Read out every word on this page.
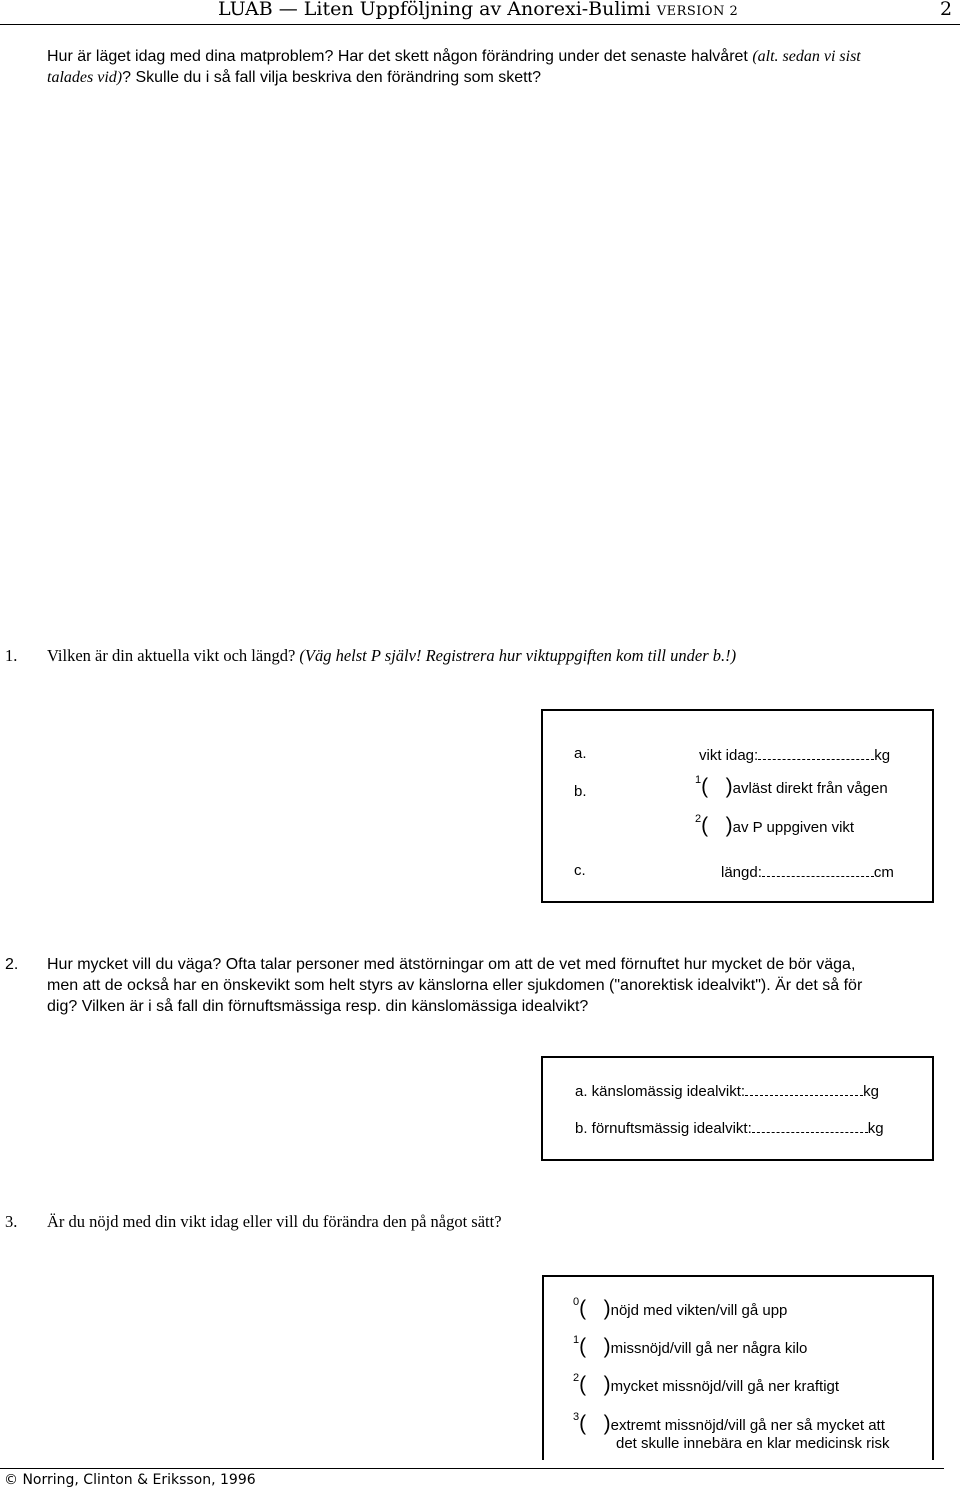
LUAB — Liten Uppföljning av Anorexi-Bulimi VERSION 2	2
Hur är läget idag med dina matproblem? Har det skett någon förändring under det senaste halvåret (alt. sedan vi sist
talades vid)? Skulle du i så fall vilja beskriva den förändring som skett?
1. Vilken är din aktuella vikt och längd? (Väg helst P själv! Registrera hur viktuppgiften kom till under b.!)
a.	vikt idag:	kg
b.
$^1$(   )avläst direkt från vågen
$^2$(   )av P uppgiven vikt
c.	längd:	cm
2. Hur mycket vill du väga? Ofta talar personer med ätstörningar om att de vet med förnuftet hur mycket de bör väga,
men att de också har en önskevikt som helt styrs av känslorna eller sjukdomen ("anorektisk idealvikt"). Är det så för
dig? Vilken är i så fall din förnuftsmässiga resp. din känslomässiga idealvikt?
a. känslomässig idealvikt:	kg
b. förnuftsmässig idealvikt:	kg
3. Är du nöjd med din vikt idag eller vill du förändra den på något sätt?
$^0$(   )nöjd med vikten/vill gå upp
$^1$(   )missnöjd/vill gå ner några kilo
$^2$(   )mycket missnöjd/vill gå ner kraftigt
$^3$(   )extremt missnöjd/vill gå ner så mycket att
det skulle innebära en klar medicinsk risk
© Norring, Clinton & Eriksson, 1996
